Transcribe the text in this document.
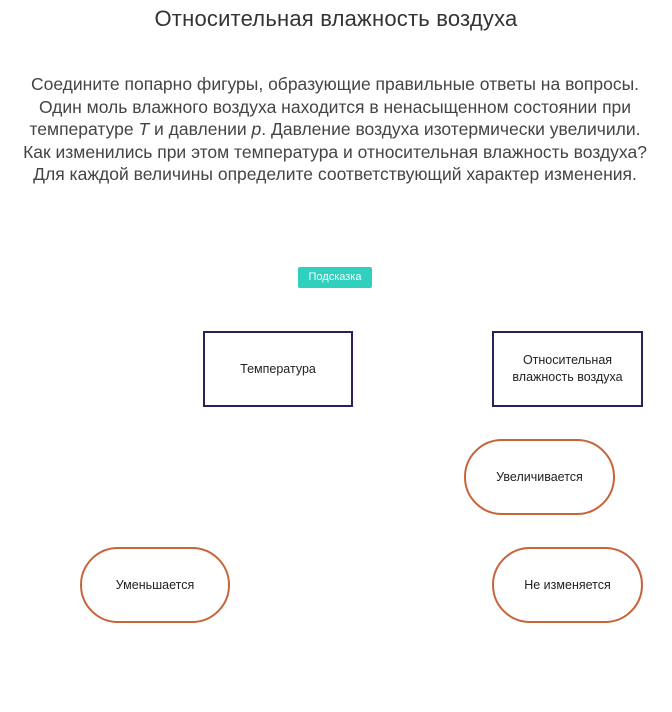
Относительная влажность воздуха

Соедините попарно фигуры, образующие правильные ответы на вопросы.

Один моль влажного воздуха находится в ненасыщенном состоянии при температуре T и давлении p. Давление воздуха изотермически увеличили. Как изменились при этом температура и относительная влажность воздуха?

Для каждой величины определите соответствующий характер изменения.

Подсказка
Температура
Относительная влажность воздуха
Увеличивается
Уменьшается	Не изменяется
